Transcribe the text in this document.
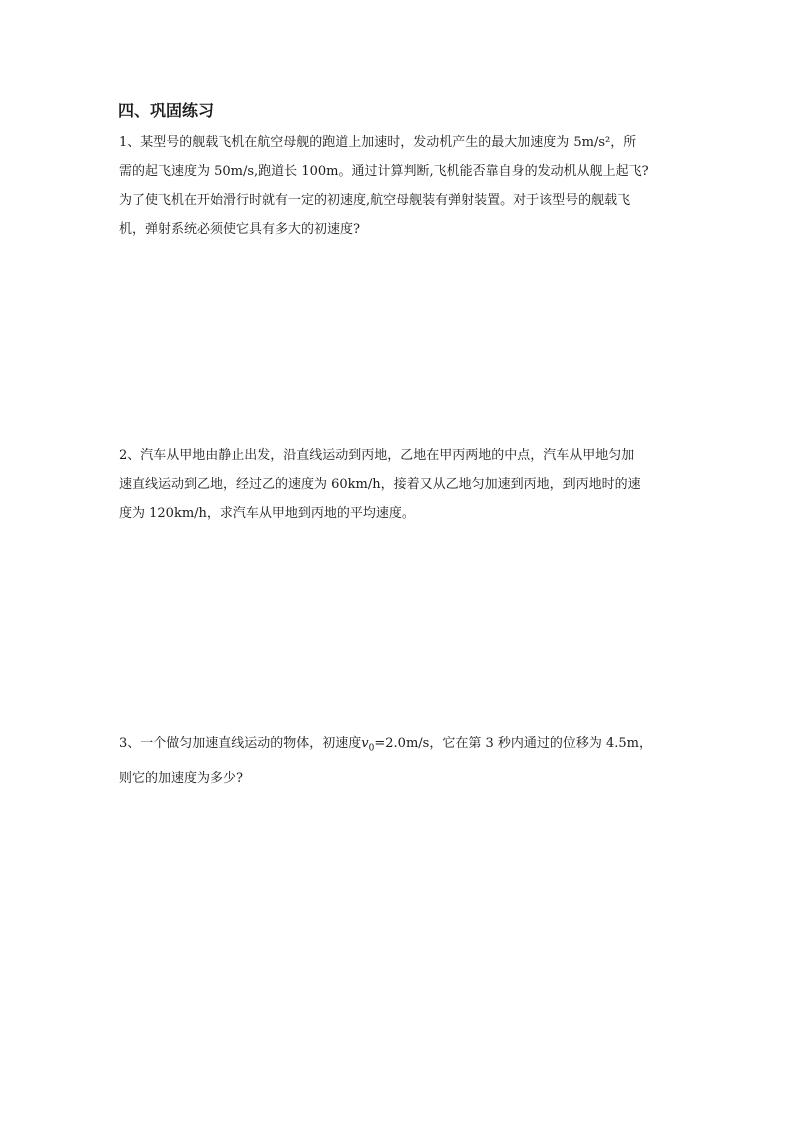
四、巩固练习
1、某型号的舰载飞机在航空母舰的跑道上加速时，发动机产生的最大加速度为 5m/s²，所
需的起飞速度为 50m/s,跑道长 100m。通过计算判断,飞机能否靠自身的发动机从舰上起飞?
为了使飞机在开始滑行时就有一定的初速度,航空母舰装有弹射装置。对于该型号的舰载飞
机，弹射系统必须使它具有多大的初速度?
2、汽车从甲地由静止出发，沿直线运动到丙地，乙地在甲丙两地的中点，汽车从甲地匀加
速直线运动到乙地，经过乙的速度为 60km/h，接着又从乙地匀加速到丙地，到丙地时的速
度为 120km/h，求汽车从甲地到丙地的平均速度。
3、一个做匀加速直线运动的物体，初速度$v_0=2.0m/s$，它在第 3 秒内通过的位移为 4.5m，
则它的加速度为多少?
